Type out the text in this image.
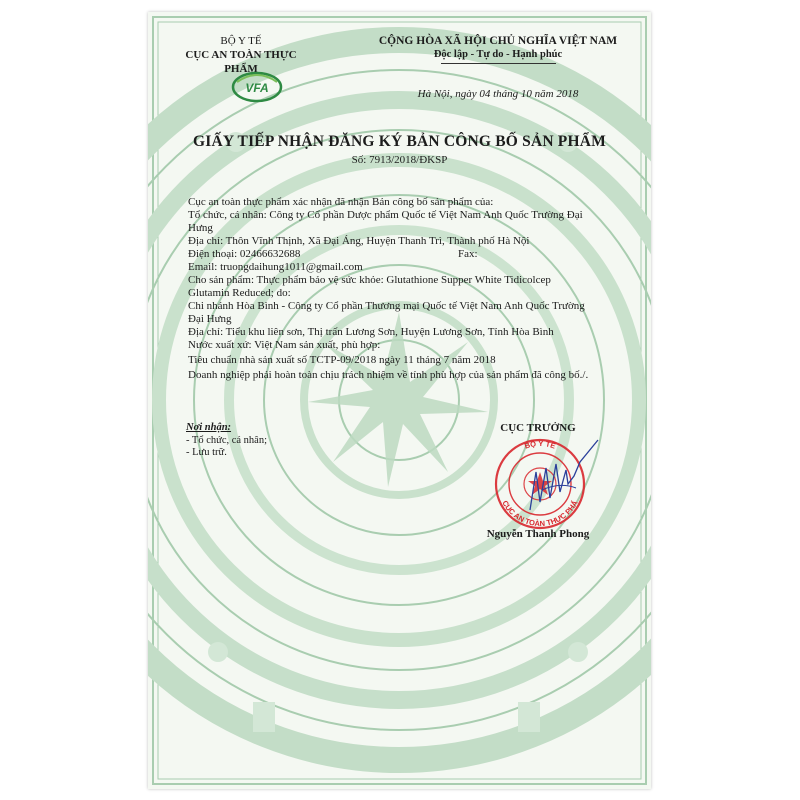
BỘ Y TẾ
CỤC AN TOÀN THỰC PHẨM
VFA
CỘNG HÒA XÃ HỘI CHỦ NGHĨA VIỆT NAM
Độc lập - Tự do - Hạnh phúc
Hà Nội, ngày 04 tháng 10 năm 2018
GIẤY TIẾP NHẬN ĐĂNG KÝ BẢN CÔNG BỐ SẢN PHẨM
Số: 7913/2018/ĐKSP
Cục an toàn thực phẩm xác nhận đã nhận Bản công bố sản phẩm của:
Tổ chức, cá nhân: Công ty Cổ phần Dược phẩm Quốc tế Việt Nam Anh Quốc Trường Đại
Hưng
Địa chỉ: Thôn Vĩnh Thịnh, Xã Đại Áng, Huyện Thanh Trì, Thành phố Hà Nội
Điện thoại: 02466632688	Fax:
Email: truongdaihung1011@gmail.com
Cho sản phẩm: Thực phẩm bảo vệ sức khỏe: Glutathione Supper White Tidicolcep
Glutamin Reduced; do:
Chi nhánh Hòa Bình - Công ty Cổ phần Thương mại Quốc tế Việt Nam Anh Quốc Trường
Đại Hưng
Địa chỉ: Tiểu khu liên sơn, Thị trấn Lương Sơn, Huyện Lương Sơn, Tỉnh Hòa Bình
Nước xuất xứ: Việt Nam sản xuất, phù hợp:
Tiêu chuẩn nhà sản xuất số TCTP-09/2018 ngày 11 tháng 7 năm 2018
Doanh nghiệp phải hoàn toàn chịu trách nhiệm về tính phù hợp của sản phẩm đã công bố./.
Nơi nhận:
- Tổ chức, cá nhân;
- Lưu trữ.
CỤC TRƯỞNG
BỘ Y TẾ
CỤC AN TOÀN THỰC PHẨ
Nguyễn Thanh Phong
